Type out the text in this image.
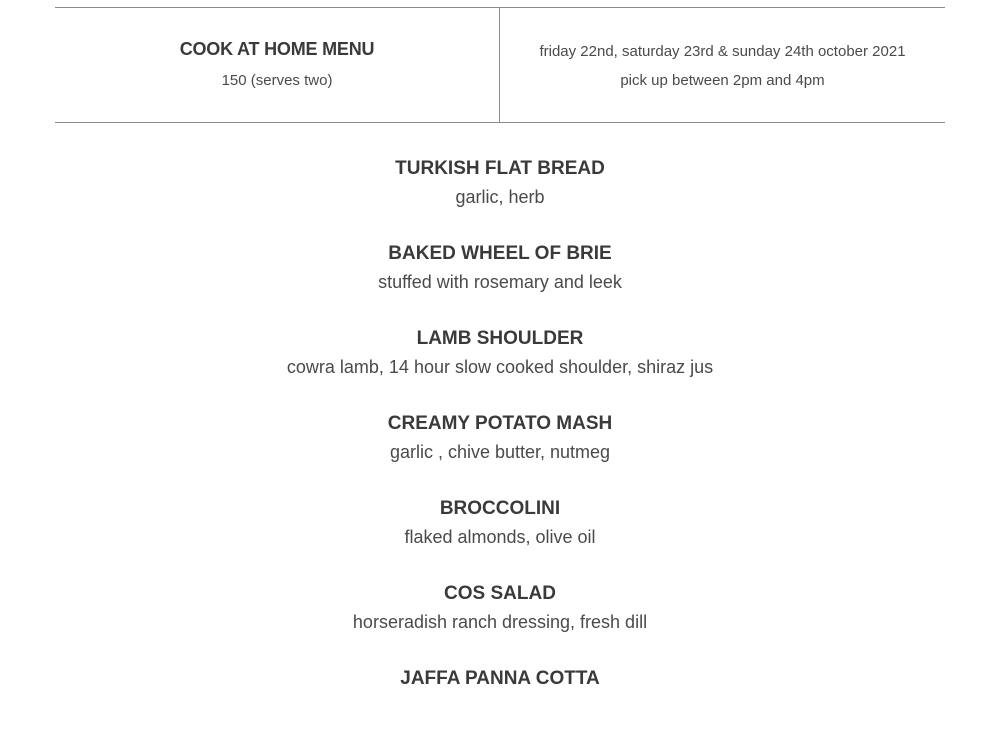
COOK AT HOME MENU
150 (serves two)
friday 22nd, saturday 23rd & sunday 24th october 2021
pick up between 2pm and 4pm
TURKISH FLAT BREAD
garlic, herb
BAKED WHEEL OF BRIE
stuffed with rosemary and leek
LAMB SHOULDER
cowra lamb, 14 hour slow cooked shoulder, shiraz jus
CREAMY POTATO MASH
garlic , chive butter, nutmeg
BROCCOLINI
flaked almonds, olive oil
COS SALAD
horseradish ranch dressing, fresh dill
JAFFA PANNA COTTA
